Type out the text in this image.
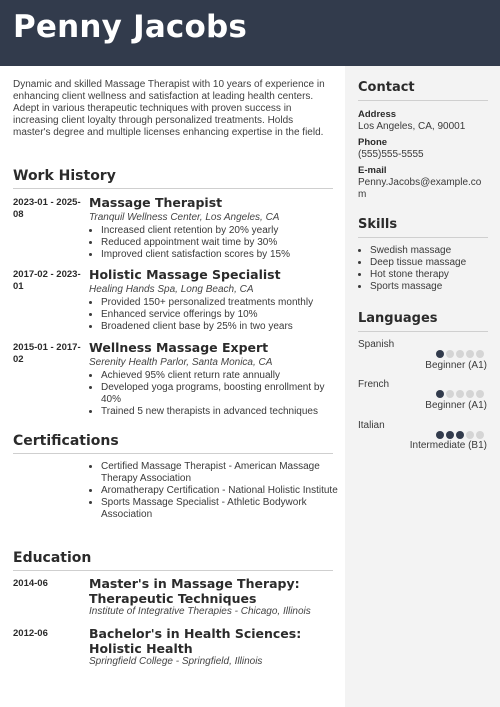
Penny Jacobs
Dynamic and skilled Massage Therapist with 10 years of experience in enhancing client wellness and satisfaction at leading health centers. Adept in various therapeutic techniques with proven success in increasing client loyalty through personalized treatments. Holds master's degree and multiple licenses enhancing expertise in the field.
Work History
2023-01 - 2025-08
Massage Therapist
Tranquil Wellness Center, Los Angeles, CA
• Increased client retention by 20% yearly
• Reduced appointment wait time by 30%
• Improved client satisfaction scores by 15%
2017-02 - 2023-01
Holistic Massage Specialist
Healing Hands Spa, Long Beach, CA
• Provided 150+ personalized treatments monthly
• Enhanced service offerings by 10%
• Broadened client base by 25% in two years
2015-01 - 2017-02
Wellness Massage Expert
Serenity Health Parlor, Santa Monica, CA
• Achieved 95% client return rate annually
• Developed yoga programs, boosting enrollment by 40%
• Trained 5 new therapists in advanced techniques
Certifications
• Certified Massage Therapist - American Massage Therapy Association
• Aromatherapy Certification - National Holistic Institute
• Sports Massage Specialist - Athletic Bodywork Association
Education
2014-06	Master's in Massage Therapy: Therapeutic Techniques
Institute of Integrative Therapies - Chicago, Illinois
2012-06	Bachelor's in Health Sciences: Holistic Health
Springfield College - Springfield, Illinois
Contact
Address
Los Angeles, CA, 90001
Phone
(555)555-5555
E-mail
Penny.Jacobs@example.com
Skills
• Swedish massage
• Deep tissue massage
• Hot stone therapy
• Sports massage
Languages
Spanish
Beginner (A1)
French
Beginner (A1)
Italian
Intermediate (B1)
